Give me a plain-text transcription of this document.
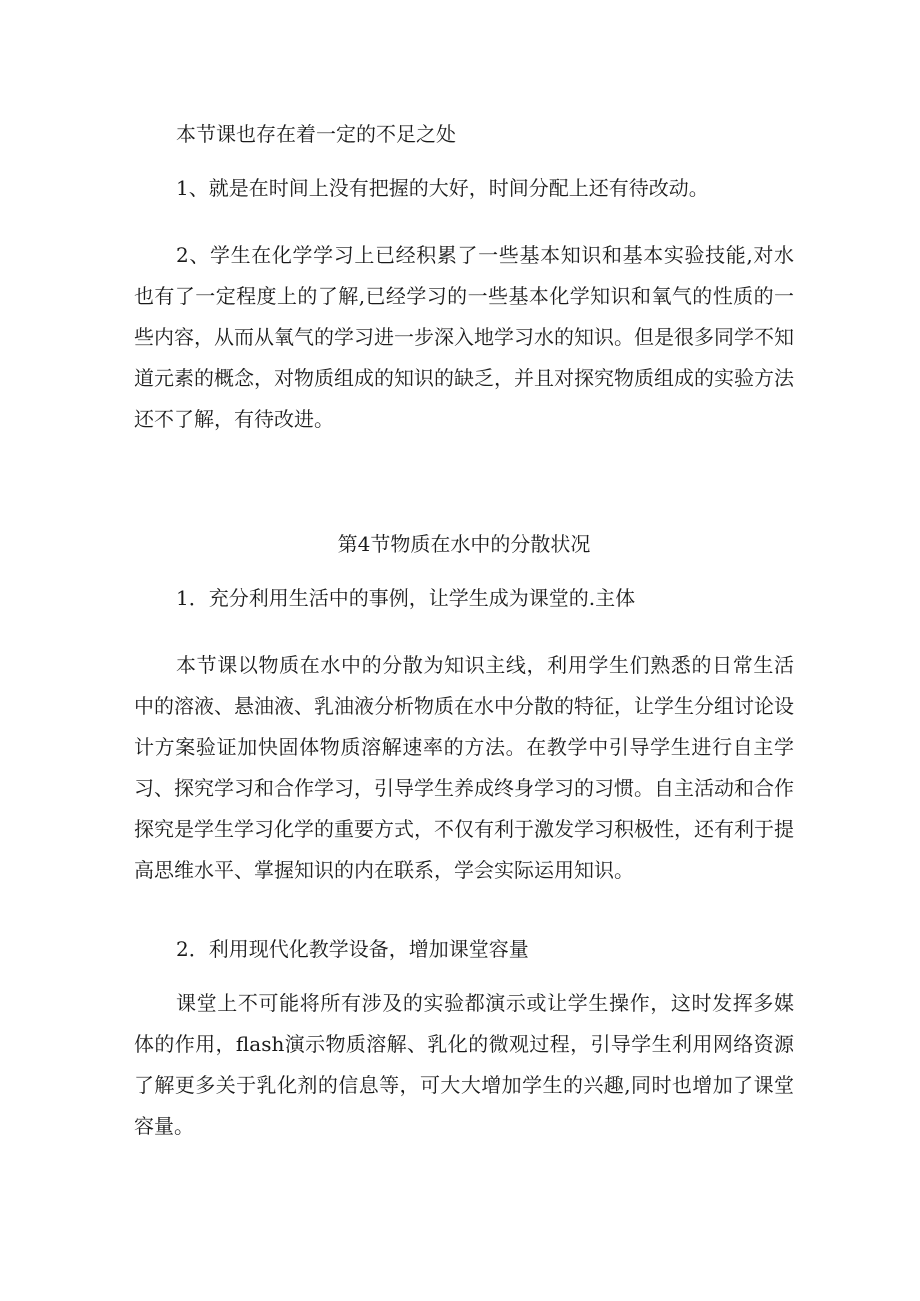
本节课也存在着一定的不足之处

1、就是在时间上没有把握的大好，时间分配上还有待改动。

2、学生在化学学习上已经积累了一些基本知识和基本实验技能,对水也有了一定程度上的了解,已经学习的一些基本化学知识和氧气的性质的一些内容，从而从氧气的学习进一步深入地学习水的知识。但是很多同学不知道元素的概念，对物质组成的知识的缺乏，并且对探究物质组成的实验方法还不了解，有待改进。

第4节物质在水中的分散状况

1．充分利用生活中的事例，让学生成为课堂的.主体

本节课以物质在水中的分散为知识主线，利用学生们熟悉的日常生活中的溶液、悬油液、乳油液分析物质在水中分散的特征，让学生分组讨论设计方案验证加快固体物质溶解速率的方法。在教学中引导学生进行自主学习、探究学习和合作学习，引导学生养成终身学习的习惯。自主活动和合作探究是学生学习化学的重要方式，不仅有利于激发学习积极性，还有利于提高思维水平、掌握知识的内在联系，学会实际运用知识。

2．利用现代化教学设备，增加课堂容量

课堂上不可能将所有涉及的实验都演示或让学生操作，这时发挥多媒体的作用，flash演示物质溶解、乳化的微观过程，引导学生利用网络资源了解更多关于乳化剂的信息等，可大大增加学生的兴趣,同时也增加了课堂容量。
